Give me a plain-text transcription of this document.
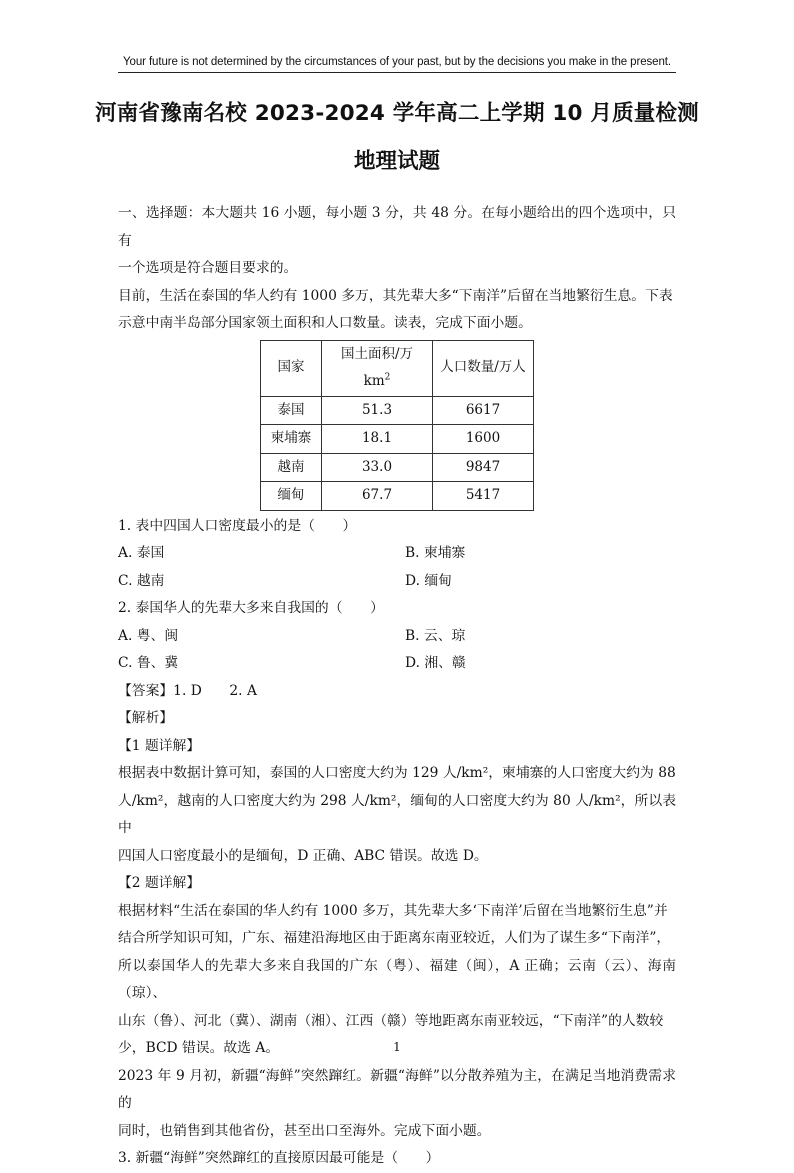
Your future is not determined by the circumstances of your past, but by the decisions you make in the present.
河南省豫南名校 2023-2024 学年高二上学期 10 月质量检测
地理试题

一、选择题：本大题共 16 小题，每小题 3 分，共 48 分。在每小题给出的四个选项中，只有

一个选项是符合题目要求的。

目前，生活在泰国的华人约有 1000 多万，其先辈大多“下南洋”后留在当地繁衍生息。下表

示意中南半岛部分国家领土面积和人口数量。读表，完成下面小题。

国家	国土面积/万 $km^2$	人口数量/万人
泰国	51.3	6617
柬埔寨	18.1	1600
越南	33.0	9847
缅甸	67.7	5417

1. 表中四国人口密度最小的是（　　）

A. 泰国	B. 柬埔寨
C. 越南	D. 缅甸

2. 泰国华人的先辈大多来自我国的（　　）

A. 粤、闽	B. 云、琼
C. 鲁、冀	D. 湘、赣

【答案】1. D　　2. A

【解析】

【1 题详解】

根据表中数据计算可知，泰国的人口密度大约为 129 人/km²，柬埔寨的人口密度大约为 88

人/km²，越南的人口密度大约为 298 人/km²，缅甸的人口密度大约为 80 人/km²，所以表中

四国人口密度最小的是缅甸，D 正确、ABC 错误。故选 D。

【2 题详解】

根据材料“生活在泰国的华人约有 1000 多万，其先辈大多‘下南洋’后留在当地繁衍生息”并

结合所学知识可知，广东、福建沿海地区由于距离东南亚较近，人们为了谋生多“下南洋”，

所以泰国华人的先辈大多来自我国的广东（粤）、福建（闽），A 正确；云南（云）、海南（琼）、

山东（鲁）、河北（冀）、湖南（湘）、江西（赣）等地距离东南亚较远，“下南洋”的人数较

少，BCD 错误。故选 A。

2023 年 9 月初，新疆“海鲜”突然蹿红。新疆“海鲜”以分散养殖为主，在满足当地消费需求的

同时，也销售到其他省份，甚至出口至海外。完成下面小题。

3. 新疆“海鲜”突然蹿红的直接原因最可能是（　　）

1
